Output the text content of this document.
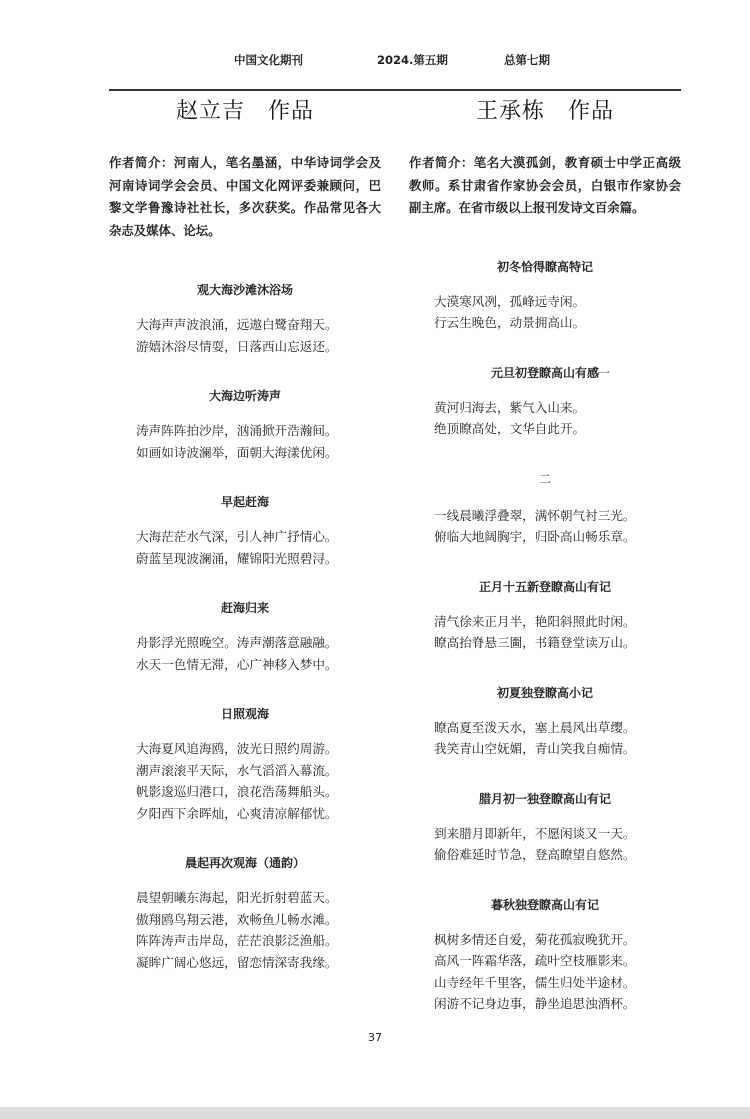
中国文化期刊	2024.第五期	总第七期
赵立吉　作品

作者简介：河南人，笔名墨涵，中华诗词学会及河南诗词学会会员、中国文化网评委兼顾问，巴黎文学鲁豫诗社社长，多次获奖。作品常见各大杂志及媒体、论坛。

观大海沙滩沐浴场
大海声声波浪涌，远遨白鹭奋翔天。
游嬉沐浴尽情耍，日落西山忘返还。
大海边听涛声
涛声阵阵拍沙岸，汹涌掀开浩瀚间。
如画如诗波澜举，面朝大海漾优闲。
早起赶海
大海茫茫水气深，引人神广抒情心。
蔚蓝呈现波澜涌，耀锦阳光照碧浔。
赶海归来
舟影浮光照晚空。涛声潮落意融融。
水天一色情无滞，心广神移入梦中。
日照观海
大海夏风追海鸥，波光日照约周游。
潮声滚滚平天际，水气滔滔入幕流。
帆影逡巡归港口，浪花浩荡舞船头。
夕阳西下余晖灿，心爽清凉解郁忧。
晨起再次观海（通韵）
晨望朝曦东海起，阳光折射碧蓝天。
傲翔鸥鸟翔云港，欢畅鱼儿畅水滩。
阵阵涛声击岸岛，茫茫浪影泛渔船。
凝眸广阔心悠远，留恋情深寄我缘。
王承栋　作品

作者简介：笔名大漠孤剑，教育硕士中学正高级教师。系甘肃省作家协会会员，白银市作家协会副主席。在省市级以上报刊发诗文百余篇。

初冬恰得瞭高特记
大漠寒风冽，孤峰远寺闲。
行云生晚色，动景拥高山。
元旦初登瞭高山有感 一
黄河归海去，紫气入山来。
绝顶瞭高处，文华自此开。
二
一线晨曦浮叠翠，满怀朝气衬三光。
俯临大地阔胸宇，归卧高山畅乐章。
正月十五新登瞭高山有记
清气徐来正月半，艳阳斜照此时闲。
瞭高抬脊悬三圗，书籍登堂读万山。
初夏独登瞭高小记
瞭高夏至泼天水，塞上晨风出草缨。
我笑青山空妩媚，青山笑我自痴情。
腊月初一独登瞭高山有记
到来腊月即新年，不愿闲谈又一天。
偷俗难延时节急，登高瞭望自悠然。
暮秋独登瞭高山有记
枫树多情还自爱，菊花孤寂晚犹开。
高风一阵霜华落，疏叶空枝雁影来。
山寺经年千里客，儒生归处半途材。
闲游不记身边事，静坐追思浊酒杯。
37
